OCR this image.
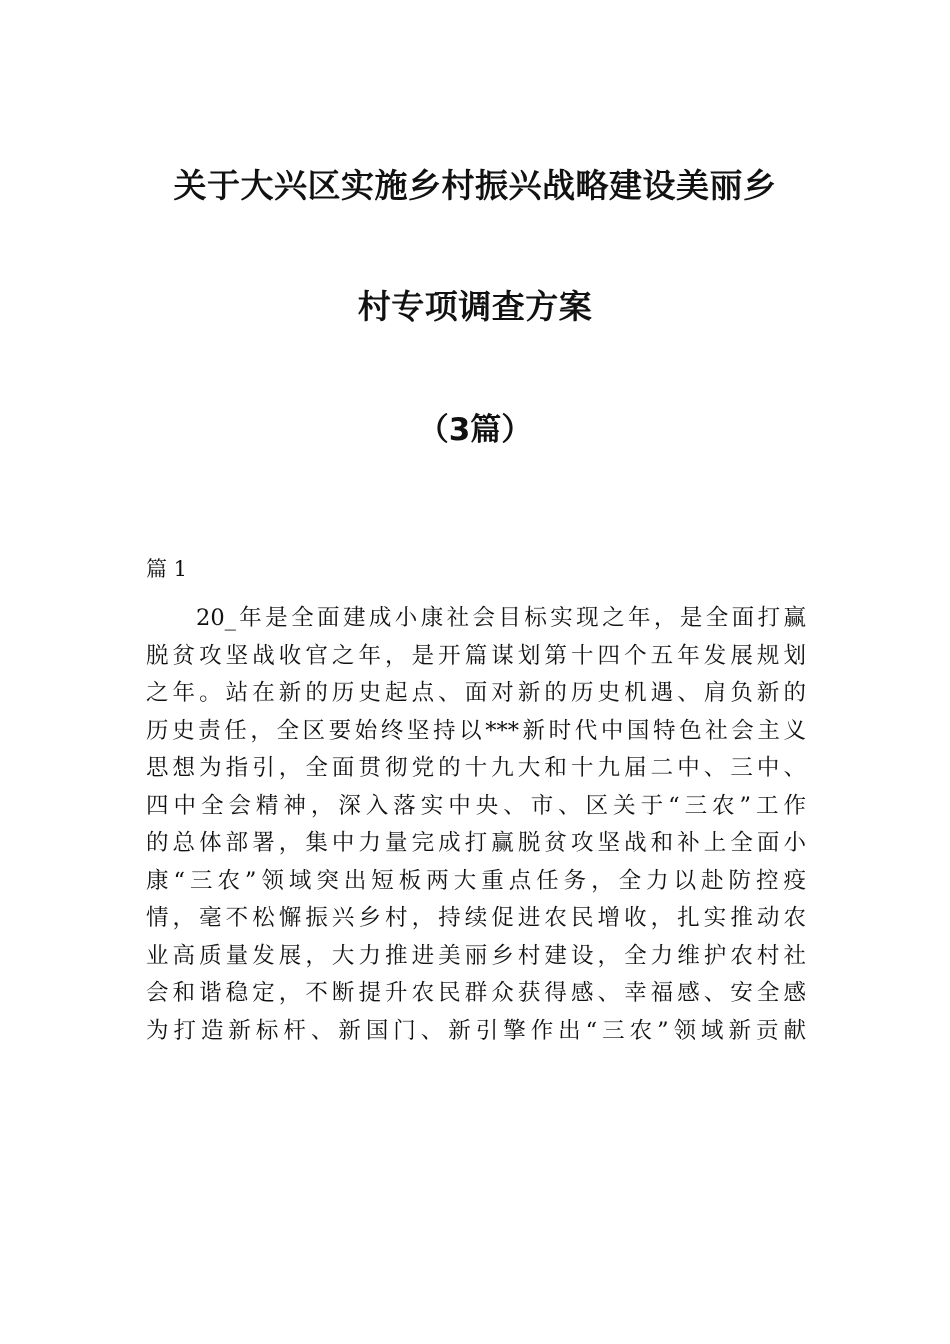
关于大兴区实施乡村振兴战略建设美丽乡
村专项调查方案
（3篇）
篇 1
20_年是全面建成小康社会目标实现之年，是全面打赢
脱贫攻坚战收官之年，是开篇谋划第十四个五年发展规划
之年。站在新的历史起点、面对新的历史机遇、肩负新的
历史责任，全区要始终坚持以***新时代中国特色社会主义
思想为指引，全面贯彻党的十九大和十九届二中、三中、
四中全会精神，深入落实中央、市、区关于“三农”工作
的总体部署，集中力量完成打赢脱贫攻坚战和补上全面小
康“三农”领域突出短板两大重点任务，全力以赴防控疫
情，毫不松懈振兴乡村，持续促进农民增收，扎实推动农
业高质量发展，大力推进美丽乡村建设，全力维护农村社
会和谐稳定，不断提升农民群众获得感、幸福感、安全感
为打造新标杆、新国门、新引擎作出“三农”领域新贡献
